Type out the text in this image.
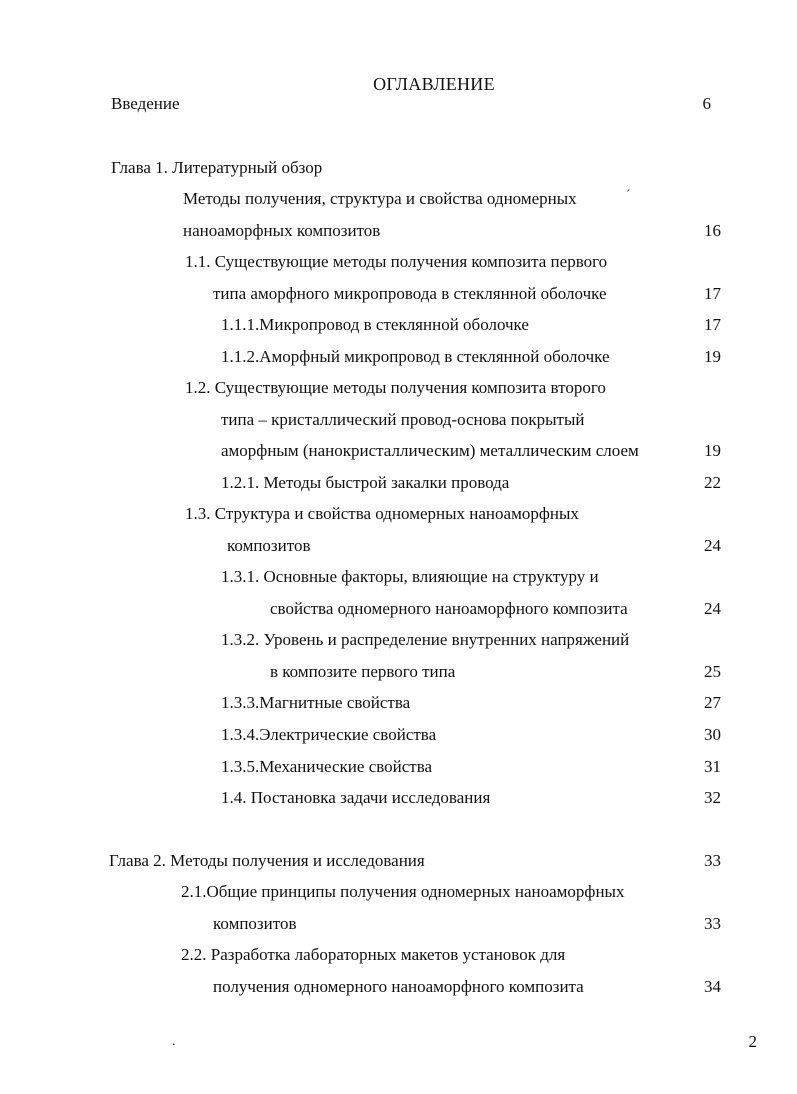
ОГЛАВЛЕНИЕ
Введение	6
Глава 1. Литературный обзор
Методы получения, структура и свойства одномерных	´
наноаморфных композитов	16
1.1. Существующие методы получения композита первого
типа аморфного микропровода в стеклянной оболочке	17
1.1.1.Микропровод в стеклянной оболочке	17
1.1.2.Аморфный микропровод в стеклянной оболочке	19
1.2. Существующие методы получения композита второго
типа – кристаллический провод-основа покрытый
аморфным (нанокристаллическим) металлическим слоем	19
1.2.1. Методы быстрой закалки провода	22
1.3. Структура и свойства одномерных наноаморфных
композитов	24
1.3.1. Основные факторы, влияющие на структуру и
свойства одномерного наноаморфного композита	24
1.3.2. Уровень и распределение внутренних напряжений
в композите первого типа	25
1.3.3.Магнитные свойства	27
1.3.4.Электрические свойства	30
1.3.5.Механические свойства	31
1.4. Постановка задачи исследования	32
Глава 2. Методы получения и исследования	33
2.1.Общие принципы получения одномерных наноаморфных
композитов	33
2.2. Разработка лабораторных макетов установок для
получения одномерного наноаморфного композита	34
.	2
